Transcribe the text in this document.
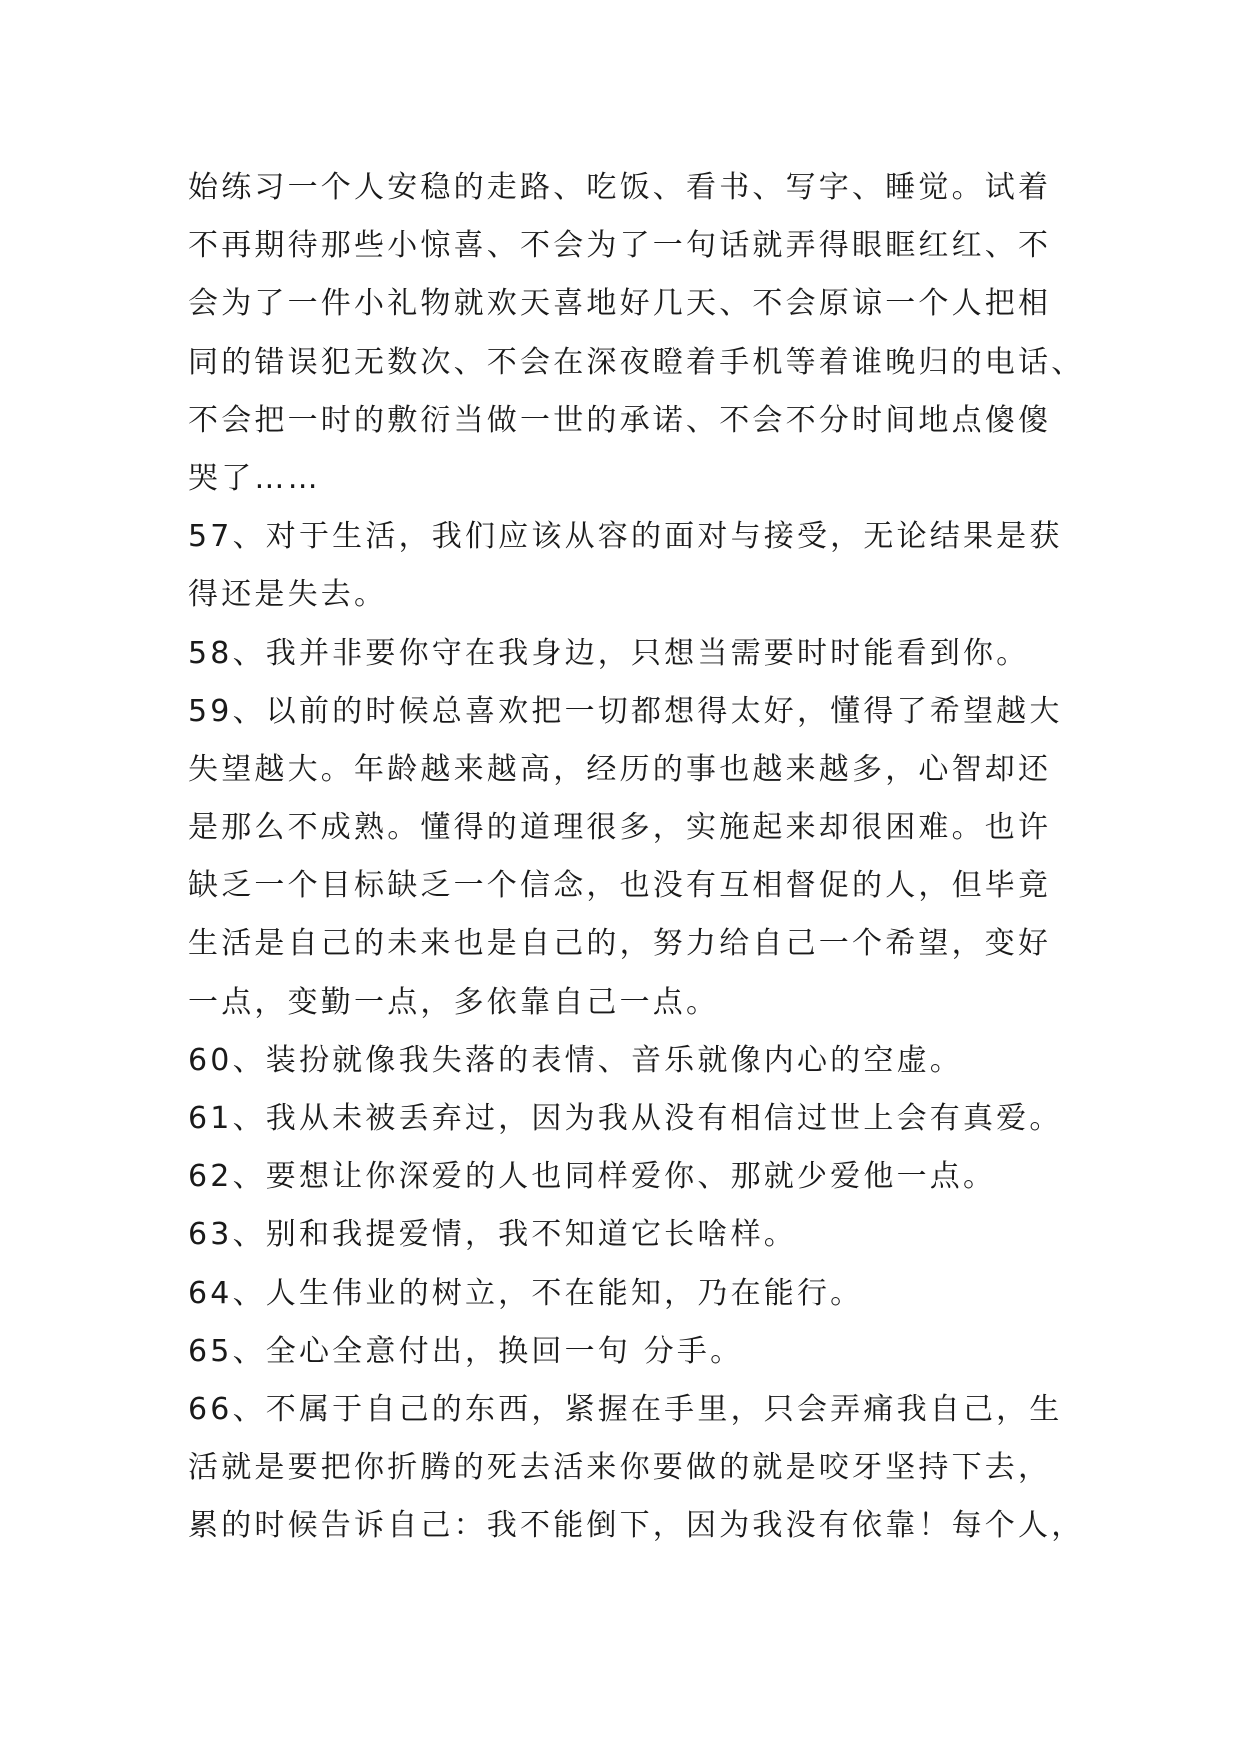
始练习一个人安稳的走路、吃饭、看书、写字、睡觉。试着
不再期待那些小惊喜、不会为了一句话就弄得眼眶红红、不
会为了一件小礼物就欢天喜地好几天、不会原谅一个人把相
同的错误犯无数次、不会在深夜瞪着手机等着谁晚归的电话、
不会把一时的敷衍当做一世的承诺、不会不分时间地点傻傻
哭了……
57、对于生活，我们应该从容的面对与接受，无论结果是获
得还是失去。
58、我并非要你守在我身边，只想当需要时时能看到你。
59、以前的时候总喜欢把一切都想得太好，懂得了希望越大
失望越大。年龄越来越高，经历的事也越来越多，心智却还
是那么不成熟。懂得的道理很多，实施起来却很困难。也许
缺乏一个目标缺乏一个信念，也没有互相督促的人，但毕竟
生活是自己的未来也是自己的，努力给自己一个希望，变好
一点，变勤一点，多依靠自己一点。
60、装扮就像我失落的表情、音乐就像内心的空虚。
61、我从未被丢弃过，因为我从没有相信过世上会有真爱。
62、要想让你深爱的人也同样爱你、那就少爱他一点。
63、别和我提爱情，我不知道它长啥样。
64、人生伟业的树立，不在能知，乃在能行。
65、全心全意付出，换回一句 分手。
66、不属于自己的东西，紧握在手里，只会弄痛我自己，生
活就是要把你折腾的死去活来你要做的就是咬牙坚持下去，
累的时候告诉自己：我不能倒下，因为我没有依靠！每个人，
